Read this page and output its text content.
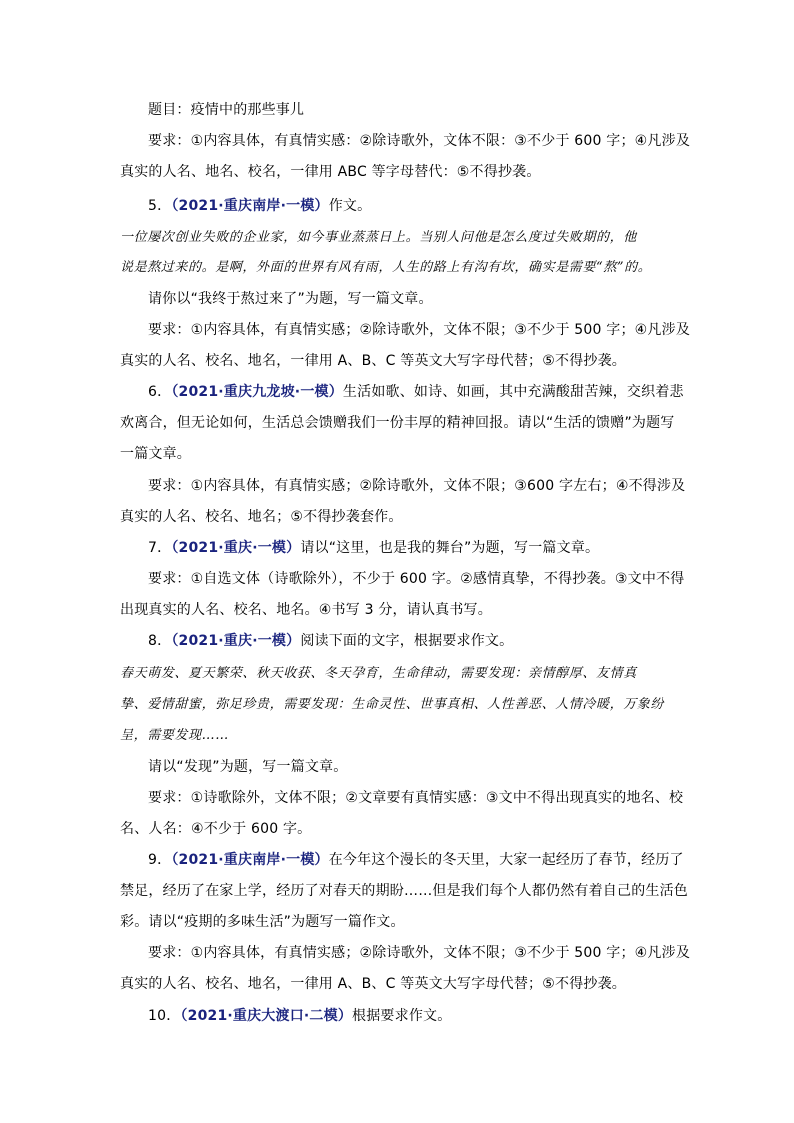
题目：疫情中的那些事儿
要求：①内容具体，有真情实感：②除诗歌外，文体不限：③不少于 600 字；④凡涉及
真实的人名、地名、校名，一律用 ABC 等字母替代：⑤不得抄袭。
5．（2021·重庆南岸·一模）作文。
一位屡次创业失败的企业家，如今事业蒸蒸日上。当别人问他是怎么度过失败期的，他
说是熬过来的。是啊，外面的世界有风有雨，人生的路上有沟有坎，确实是需要“熬”的。
请你以“我终于熬过来了”为题，写一篇文章。
要求：①内容具体，有真情实感；②除诗歌外，文体不限；③不少于 500 字；④凡涉及
真实的人名、校名、地名，一律用 A、B、C 等英文大写字母代替；⑤不得抄袭。
6．（2021·重庆九龙坡·一模）生活如歌、如诗、如画，其中充满酸甜苦辣，交织着悲
欢离合，但无论如何，生活总会馈赠我们一份丰厚的精神回报。请以“生活的馈赠”为题写
一篇文章。
要求：①内容具体，有真情实感；②除诗歌外，文体不限；③600 字左右；④不得涉及
真实的人名、校名、地名；⑤不得抄袭套作。
7．（2021·重庆·一模）请以“这里，也是我的舞台”为题，写一篇文章。
要求：①自选文体（诗歌除外），不少于 600 字。②感情真挚，不得抄袭。③文中不得
出现真实的人名、校名、地名。④书写 3 分，请认真书写。
8．（2021·重庆·一模）阅读下面的文字，根据要求作文。
春天萌发、夏天繁荣、秋天收获、冬天孕育，生命律动，需要发现：亲情醇厚、友情真
挚、爱情甜蜜，弥足珍贵，需要发现：生命灵性、世事真相、人性善恶、人情冷暖，万象纷
呈，需要发现……
请以“发现”为题，写一篇文章。
要求：①诗歌除外，文体不限；②文章要有真情实感：③文中不得出现真实的地名、校
名、人名：④不少于 600 字。
9．（2021·重庆南岸·一模）在今年这个漫长的冬天里，大家一起经历了春节，经历了
禁足，经历了在家上学，经历了对春天的期盼……但是我们每个人都仍然有着自己的生活色
彩。请以“疫期的多味生活”为题写一篇作文。
要求：①内容具体，有真情实感；②除诗歌外，文体不限；③不少于 500 字；④凡涉及
真实的人名、校名、地名，一律用 A、B、C 等英文大写字母代替；⑤不得抄袭。
10．（2021·重庆大渡口·二模）根据要求作文。
